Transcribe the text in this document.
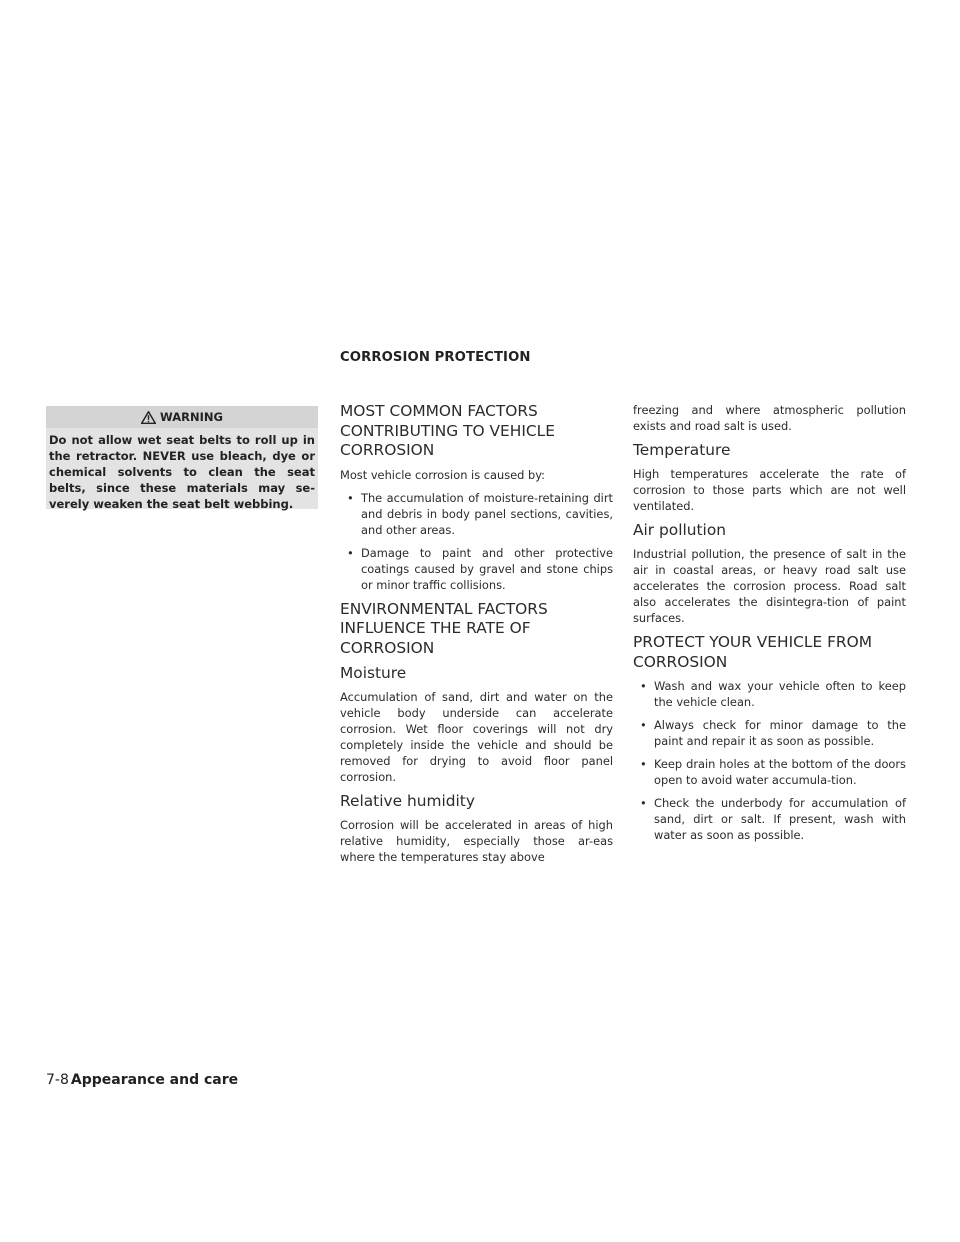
CORROSION PROTECTION
WARNING
Do not allow wet seat belts to roll up in the retractor. NEVER use bleach, dye or chemical solvents to clean the seat belts, since these materials may se-verely weaken the seat belt webbing.
MOST COMMON FACTORS CONTRIBUTING TO VEHICLE CORROSION

Most vehicle corrosion is caused by:

• The accumulation of moisture-retaining dirt and debris in body panel sections, cavities, and other areas.
• Damage to paint and other protective coatings caused by gravel and stone chips or minor traffic collisions.
ENVIRONMENTAL FACTORS INFLUENCE THE RATE OF CORROSION
Moisture

Accumulation of sand, dirt and water on the vehicle body underside can accelerate corrosion. Wet floor coverings will not dry completely inside the vehicle and should be removed for drying to avoid floor panel corrosion.

Relative humidity

Corrosion will be accelerated in areas of high relative humidity, especially those ar-eas where the temperatures stay above

freezing and where atmospheric pollution exists and road salt is used.

Temperature

High temperatures accelerate the rate of corrosion to those parts which are not well ventilated.

Air pollution

Industrial pollution, the presence of salt in the air in coastal areas, or heavy road salt use accelerates the corrosion process. Road salt also accelerates the disintegra-tion of paint surfaces.

PROTECT YOUR VEHICLE FROM CORROSION
• Wash and wax your vehicle often to keep the vehicle clean.
• Always check for minor damage to the paint and repair it as soon as possible.
• Keep drain holes at the bottom of the doors open to avoid water accumula-tion.
• Check the underbody for accumulation of sand, dirt or salt. If present, wash with water as soon as possible.
7-8 Appearance and care
